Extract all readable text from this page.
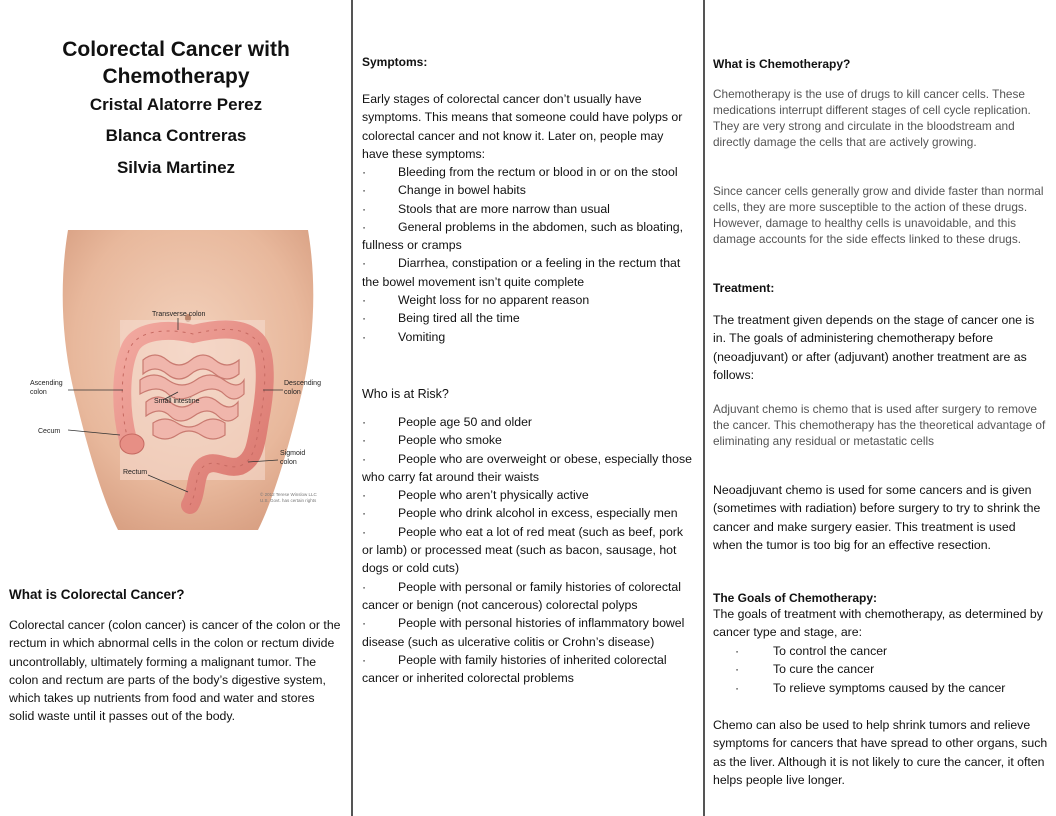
Colorectal Cancer with
Chemotherapy
Cristal Alatorre Perez
Blanca Contreras
Silvia Martinez
Transverse colon
Ascending
colon
Descending
colon
Small intestine
Cecum
Sigmoid
colon
Rectum
© 2012 Terese Winslow LLC
U.S. Govt. has certain rights
What is Colorectal Cancer?
Colorectal cancer (colon cancer) is cancer of the colon or the rectum in which abnormal cells in the colon or rectum divide uncontrollably, ultimately forming a malignant tumor. The colon and rectum are parts of the body’s digestive system, which takes up nutrients from food and water and stores solid waste until it passes out of the body.
Symptoms:
Early stages of colorectal cancer don’t usually have symptoms. This means that someone could have polyps or colorectal cancer and not know it. Later on, people may have these symptoms:
·	Bleeding from the rectum or blood in or on the stool
·	Change in bowel habits
·	Stools that are more narrow than usual
·	General problems in the abdomen, such as bloating, fullness or cramps
·	Diarrhea, constipation or a feeling in the rectum that the bowel movement isn’t quite complete
·	Weight loss for no apparent reason
·	Being tired all the time
·	Vomiting
Who is at Risk?
·	People age 50 and older
·	People who smoke
·	People who are overweight or obese, especially those who carry fat around their waists
·	People who aren’t physically active
·	People who drink alcohol in excess, especially men
·	People who eat a lot of red meat (such as beef, pork or lamb) or processed meat (such as bacon, sausage, hot dogs or cold cuts)
·	People with personal or family histories of colorectal cancer or benign (not cancerous) colorectal polyps
·	People with personal histories of inflammatory bowel disease (such as ulcerative colitis or Crohn’s disease)
·	People with family histories of inherited colorectal cancer or inherited colorectal problems
What is Chemotherapy?
Chemotherapy is the use of drugs to kill cancer cells. These medications interrupt different stages of cell cycle replication. They are very strong and circulate in the bloodstream and directly damage the cells that are actively growing.
Since cancer cells generally grow and divide faster than normal cells, they are more susceptible to the action of these drugs. However, damage to healthy cells is unavoidable, and this damage accounts for the side effects linked to these drugs.
Treatment:
The treatment given depends on the stage of cancer one is in. The goals of administering chemotherapy before (neoadjuvant) or after (adjuvant) another treatment are as follows:
Adjuvant chemo is chemo that is used after surgery to remove the cancer. This chemotherapy has the theoretical advantage of eliminating any residual or metastatic cells
Neoadjuvant chemo is used for some cancers and is given (sometimes with radiation) before surgery to try to shrink the cancer and make surgery easier. This treatment is used when the tumor is too big for an effective resection.
The Goals of Chemotherapy:
The goals of treatment with chemotherapy, as determined by cancer type and stage, are:
·	To control the cancer
·	To cure the cancer
·	To relieve symptoms caused by the cancer
Chemo can also be used to help shrink tumors and relieve symptoms for cancers that have spread to other organs, such as the liver. Although it is not likely to cure the cancer, it often helps people live longer.
